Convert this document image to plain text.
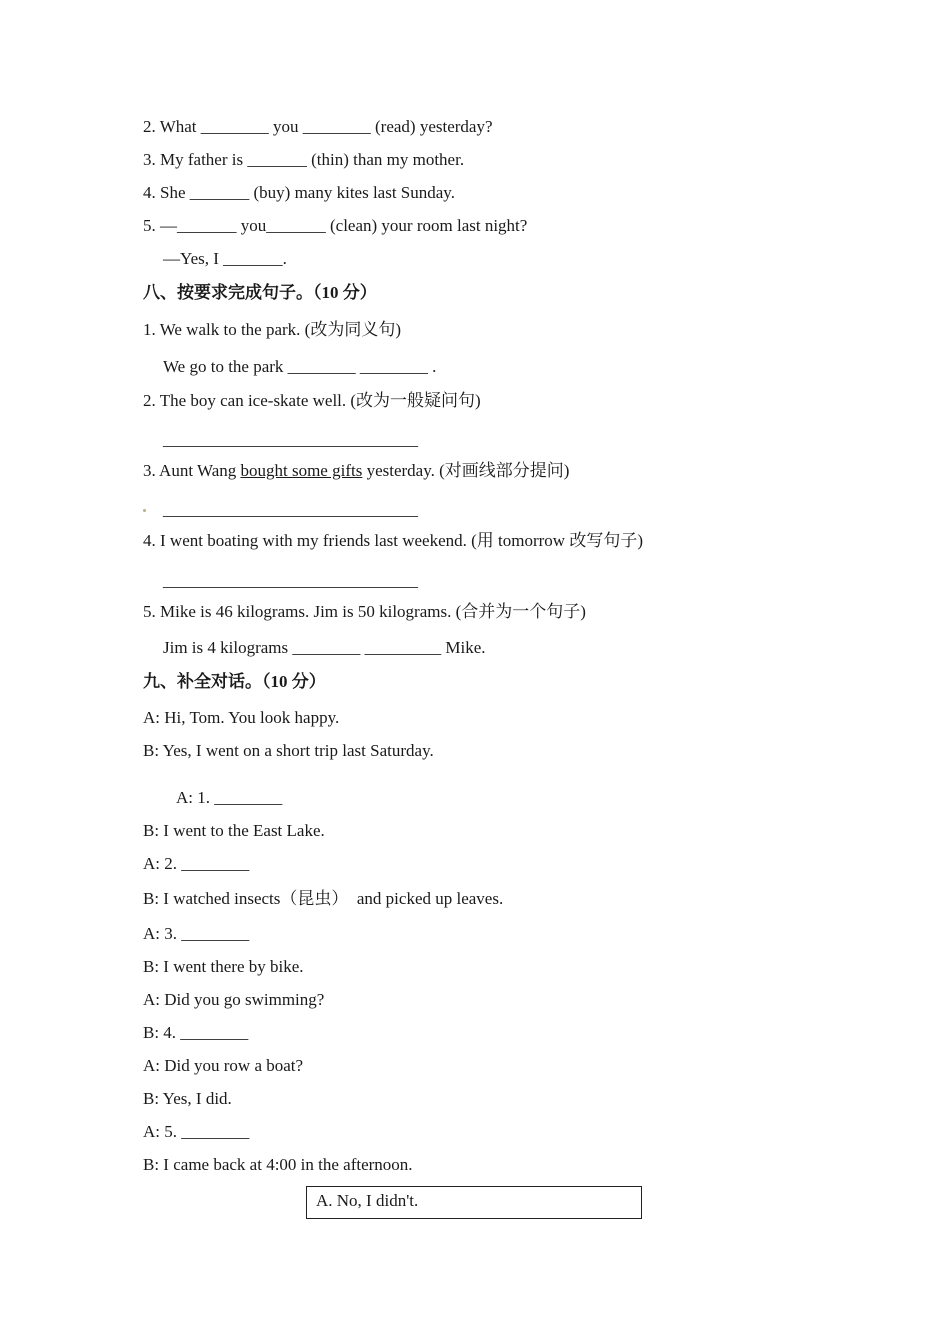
2. What ________ you ________ (read) yesterday?
3. My father is _______ (thin) than my mother.
4. She _______ (buy) many kites last Sunday.
5. —_______ you_______ (clean) your room last night?
—Yes, I _______.
八、按要求完成句子。（10 分）
1. We walk to the park. (改为同义句)
We go to the park ________ ________ .
2. The boy can ice-skate well. (改为一般疑问句)
______________________________
3. Aunt Wang bought some gifts yesterday. (对画线部分提问)
______________________________
4. I went boating with my friends last weekend. (用 tomorrow 改写句子)
______________________________
5. Mike is 46 kilograms. Jim is 50 kilograms. (合并为一个句子)
Jim is 4 kilograms ________ _________ Mike.
九、补全对话。（10 分）
A: Hi, Tom. You look happy.
B: Yes, I went on a short trip last Saturday.
A: 1. ________
B: I went to the East Lake.
A: 2. ________
B: I watched insects（昆虫）  and picked up leaves.
A: 3. ________
B: I went there by bike.
A: Did you go swimming?
B: 4. ________
A: Did you row a boat?
B: Yes, I did.
A: 5. ________
B: I came back at 4:00 in the afternoon.
A. No, I didn't.
